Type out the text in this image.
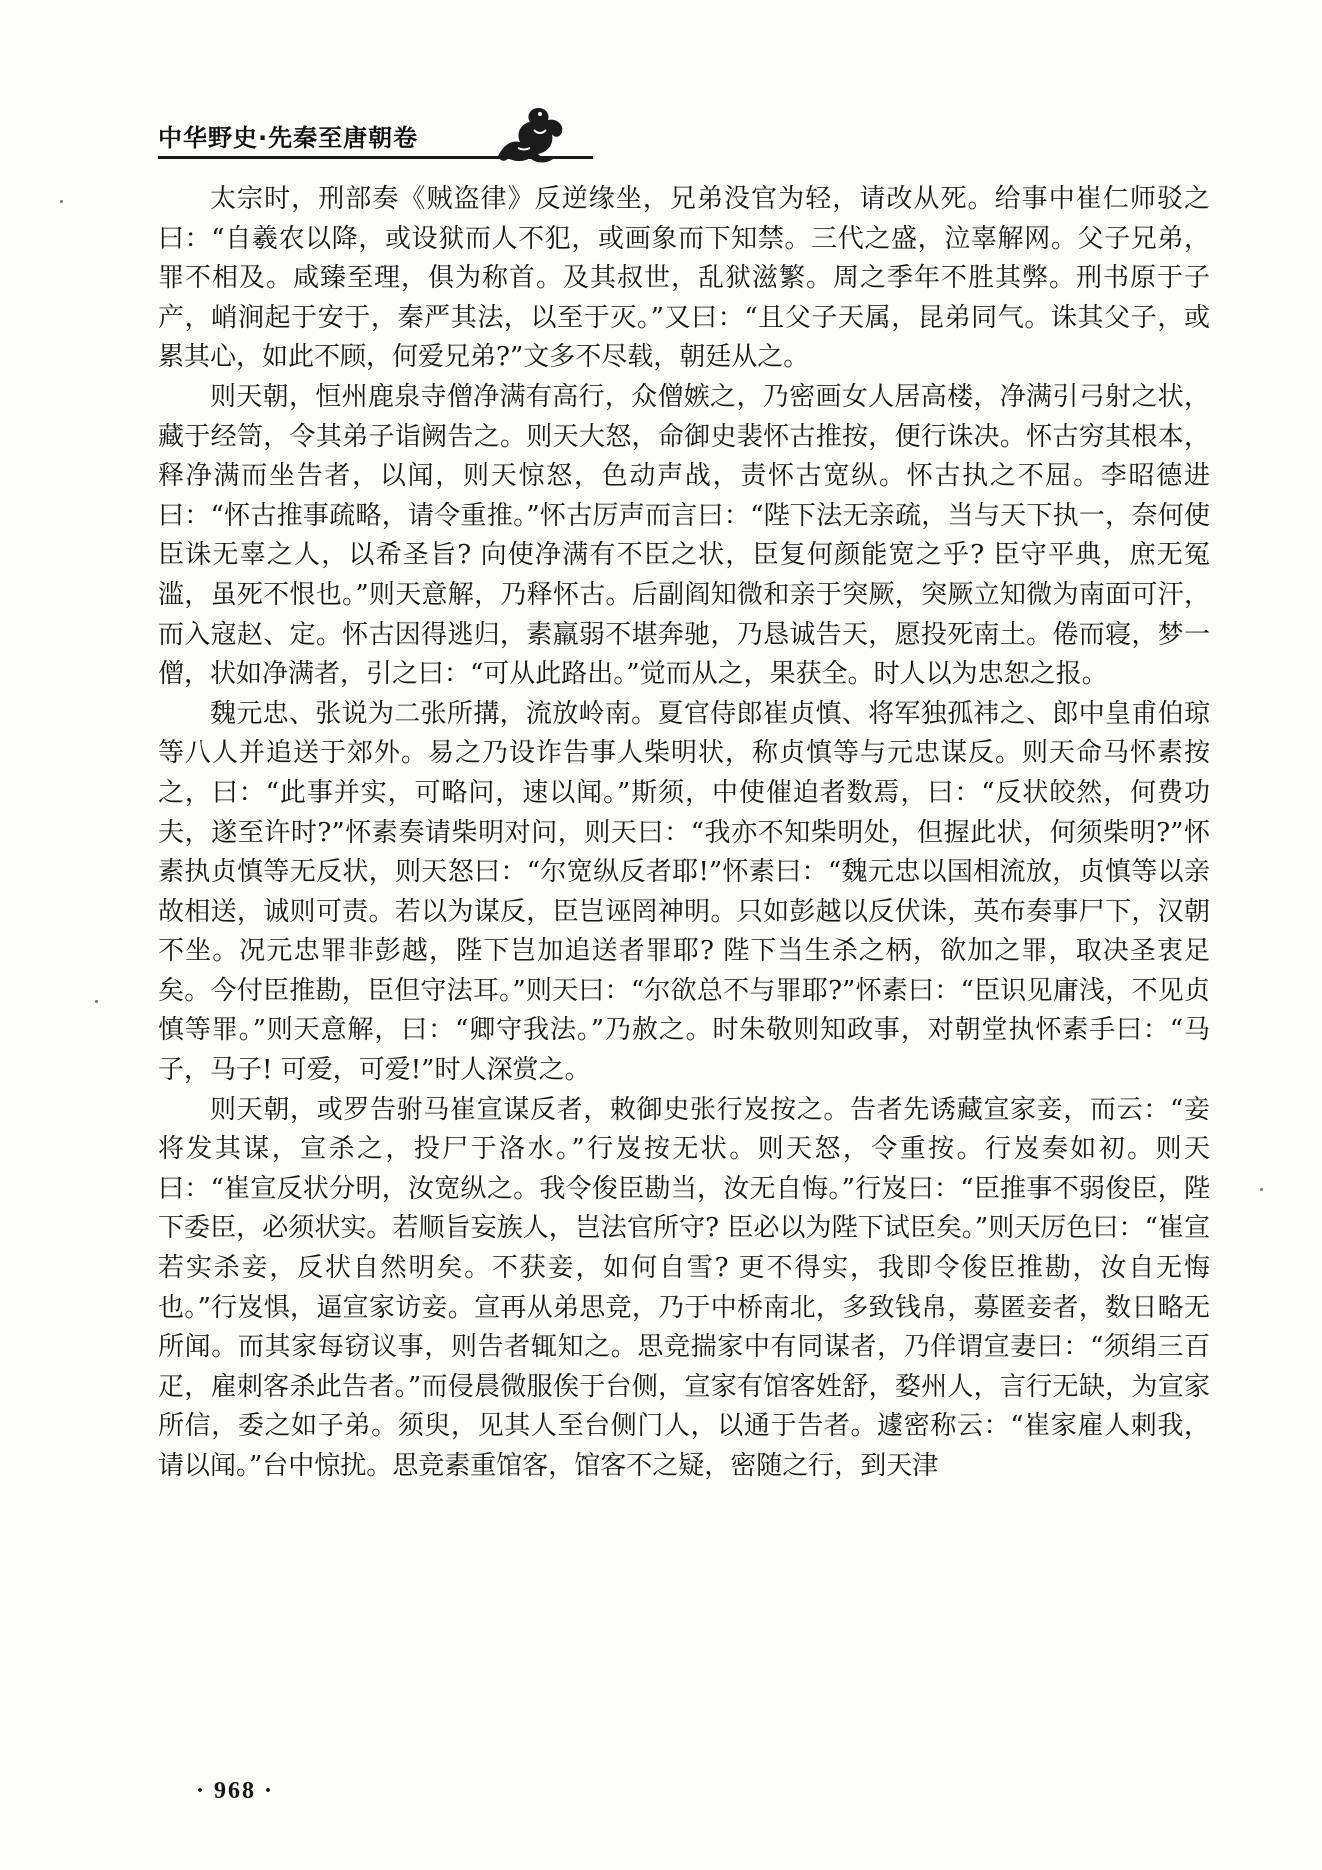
中华野史·先秦至唐朝卷

太宗时，刑部奏《贼盗律》反逆缘坐，兄弟没官为轻，请改从死。给事中崔仁师驳之曰：“自羲农以降，或设狱而人不犯，或画象而下知禁。三代之盛，泣辜解网。父子兄弟，罪不相及。咸臻至理，俱为称首。及其叔世，乱狱滋繁。周之季年不胜其弊。刑书原于子产，峭涧起于安于，秦严其法，以至于灭。”又曰：“且父子天属，昆弟同气。诛其父子，或累其心，如此不顾，何爱兄弟?”文多不尽载，朝廷从之。

则天朝，恒州鹿泉寺僧净满有高行，众僧嫉之，乃密画女人居高楼，净满引弓射之状，藏于经笥，令其弟子诣阙告之。则天大怒，命御史裴怀古推按，便行诛决。怀古穷其根本，释净满而坐告者，以闻，则天惊怒，色动声战，责怀古宽纵。怀古执之不屈。李昭德进曰：“怀古推事疏略，请令重推。”怀古厉声而言曰：“陛下法无亲疏，当与天下执一，奈何使臣诛无辜之人，以希圣旨? 向使净满有不臣之状，臣复何颜能宽之乎? 臣守平典，庶无冤滥，虽死不恨也。”则天意解，乃释怀古。后副阎知微和亲于突厥，突厥立知微为南面可汗，而入寇赵、定。怀古因得逃归，素羸弱不堪奔驰，乃恳诚告天，愿投死南土。倦而寝，梦一僧，状如净满者，引之曰：“可从此路出。”觉而从之，果获全。时人以为忠恕之报。

魏元忠、张说为二张所搆，流放岭南。夏官侍郎崔贞慎、将军独孤祎之、郎中皇甫伯琼等八人并追送于郊外。易之乃设诈告事人柴明状，称贞慎等与元忠谋反。则天命马怀素按之，曰：“此事并实，可略问，速以闻。”斯须，中使催迫者数焉，曰：“反状皎然，何费功夫，遂至许时?”怀素奏请柴明对问，则天曰：“我亦不知柴明处，但握此状，何须柴明?”怀素执贞慎等无反状，则天怒曰：“尔宽纵反者耶!”怀素曰：“魏元忠以国相流放，贞慎等以亲故相送，诚则可责。若以为谋反，臣岂诬罔神明。只如彭越以反伏诛，英布奏事尸下，汉朝不坐。况元忠罪非彭越，陛下岂加追送者罪耶? 陛下当生杀之柄，欲加之罪，取决圣衷足矣。今付臣推勘，臣但守法耳。”则天曰：“尔欲总不与罪耶?”怀素曰：“臣识见庸浅，不见贞慎等罪。”则天意解，曰：“卿守我法。”乃赦之。时朱敬则知政事，对朝堂执怀素手曰：“马子，马子! 可爱，可爱!”时人深赏之。

则天朝，或罗告驸马崔宣谋反者，敕御史张行岌按之。告者先诱藏宣家妾，而云：“妾将发其谋，宣杀之，投尸于洛水。”行岌按无状。则天怒，令重按。行岌奏如初。则天曰：“崔宣反状分明，汝宽纵之。我令俊臣勘当，汝无自悔。”行岌曰：“臣推事不弱俊臣，陛下委臣，必须状实。若顺旨妄族人，岂法官所守? 臣必以为陛下试臣矣。”则天厉色曰：“崔宣若实杀妾，反状自然明矣。不获妾，如何自雪? 更不得实，我即令俊臣推勘，汝自无悔也。”行岌惧，逼宣家访妾。宣再从弟思竞，乃于中桥南北，多致钱帛，募匿妾者，数日略无所闻。而其家每窃议事，则告者辄知之。思竞揣家中有同谋者，乃佯谓宣妻曰：“须绢三百疋，雇刺客杀此告者。”而侵晨微服俟于台侧，宣家有馆客姓舒，婺州人，言行无缺，为宣家所信，委之如子弟。须臾，见其人至台侧门人，以通于告者。遽密称云：“崔家雇人刺我，请以闻。”台中惊扰。思竞素重馆客，馆客不之疑，密随之行，到天津

· 968 ·
